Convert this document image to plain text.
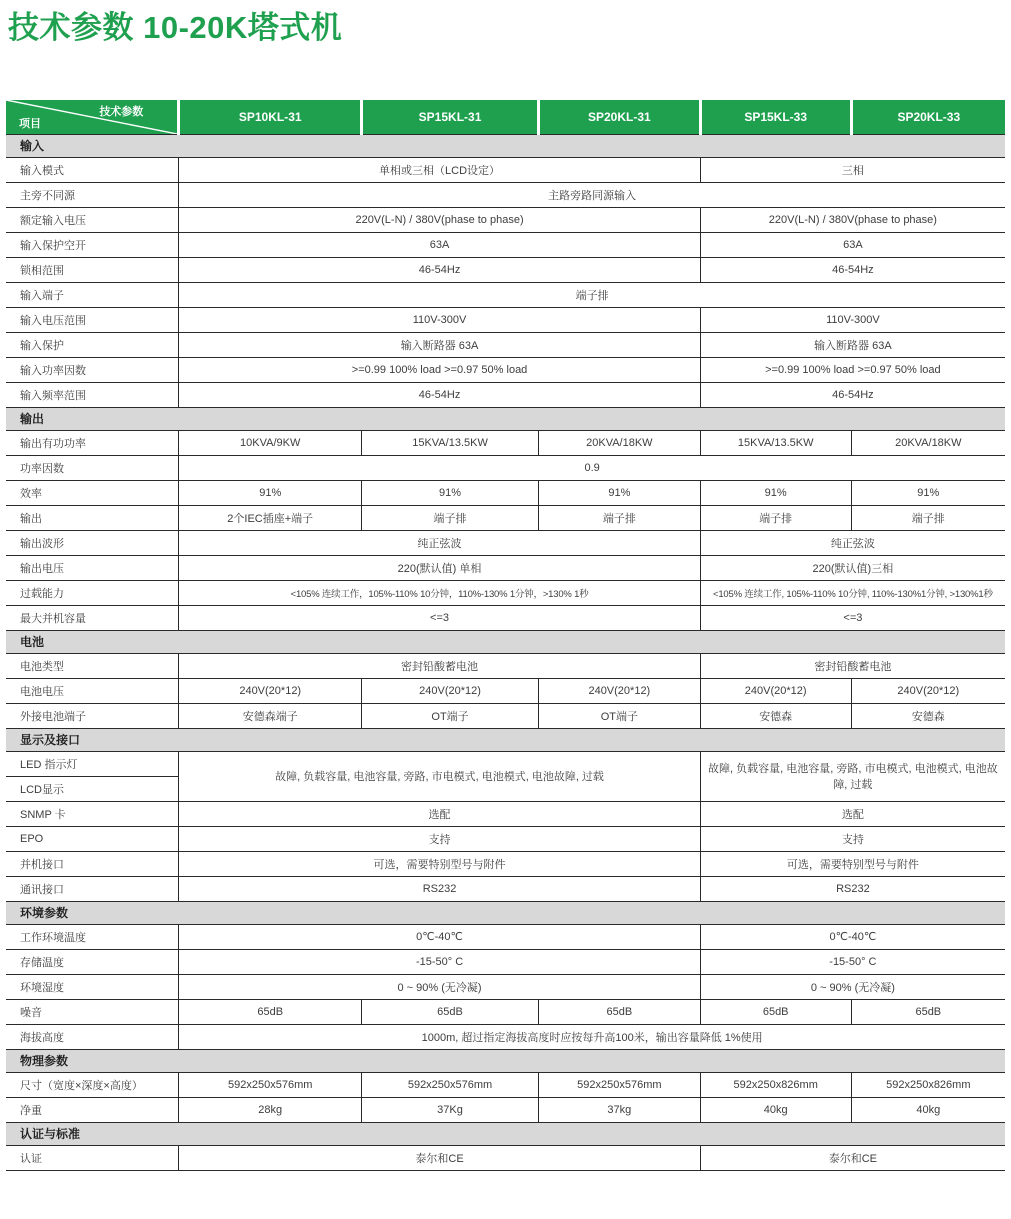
技术参数 10-20K塔式机
技术参数
项目	SP10KL-31	SP15KL-31	SP20KL-31	SP15KL-33	SP20KL-33
输入					
输入模式	单相或三相（LCD设定）			三相	
主旁不同源	主路旁路同源输入				
额定输入电压	220V(L-N) / 380V(phase to phase)			220V(L-N) / 380V(phase to phase)	
输入保护空开	63A			63A	
锁相范围	46-54Hz			46-54Hz	
输入端子	端子排				
输入电压范围	110V-300V			110V-300V	
输入保护	输入断路器 63A			输入断路器 63A	
输入功率因数	>=0.99 100% load >=0.97 50% load			>=0.99 100% load >=0.97 50% load	
输入频率范围	46-54Hz			46-54Hz	
输出					
输出有功功率	10KVA/9KW	15KVA/13.5KW	20KVA/18KW	15KVA/13.5KW	20KVA/18KW
功率因数	0.9				
效率	91%	91%	91%	91%	91%
输出	2个IEC插座+端子	端子排	端子排	端子排	端子排
输出波形	纯正弦波			纯正弦波	
输出电压	220(默认值) 单相			220(默认值)三相	
过载能力	<105% 连续工作，105%-110% 10分钟，110%-130% 1分钟，>130% 1秒			<105% 连续工作, 105%-110% 10分钟, 110%-130%1分钟, >130%1秒	
最大并机容量	<=3			<=3	
电池					
电池类型	密封铅酸蓄电池			密封铅酸蓄电池	
电池电压	240V(20*12)	240V(20*12)	240V(20*12)	240V(20*12)	240V(20*12)
外接电池端子	安德森端子	OT端子	OT端子	安德森	安德森
显示及接口					
LED 指示灯	故障, 负载容量, 电池容量, 旁路, 市电模式, 电池模式, 电池故障, 过载			故障, 负载容量, 电池容量, 旁路, 市电模式, 电池模式, 电池故障, 过载	
LCD显示					
SNMP 卡	选配			选配	
EPO	支持			支持	
并机接口	可选，需要特别型号与附件			可选，需要特别型号与附件	
通讯接口	RS232			RS232	
环境参数					
工作环境温度	0℃-40℃			0℃-40℃	
存储温度	-15-50° C			-15-50° C	
环境湿度	0 ~ 90% (无冷凝)			0 ~ 90% (无冷凝)	
噪音	65dB	65dB	65dB	65dB	65dB
海拔高度	1000m, 超过指定海拔高度时应按每升高100米，输出容量降低 1%使用				
物理参数					
尺寸（宽度×深度×高度）	592x250x576mm	592x250x576mm	592x250x576mm	592x250x826mm	592x250x826mm
净重	28kg	37Kg	37kg	40kg	40kg
认证与标准					
认证	泰尔和CE			泰尔和CE	
